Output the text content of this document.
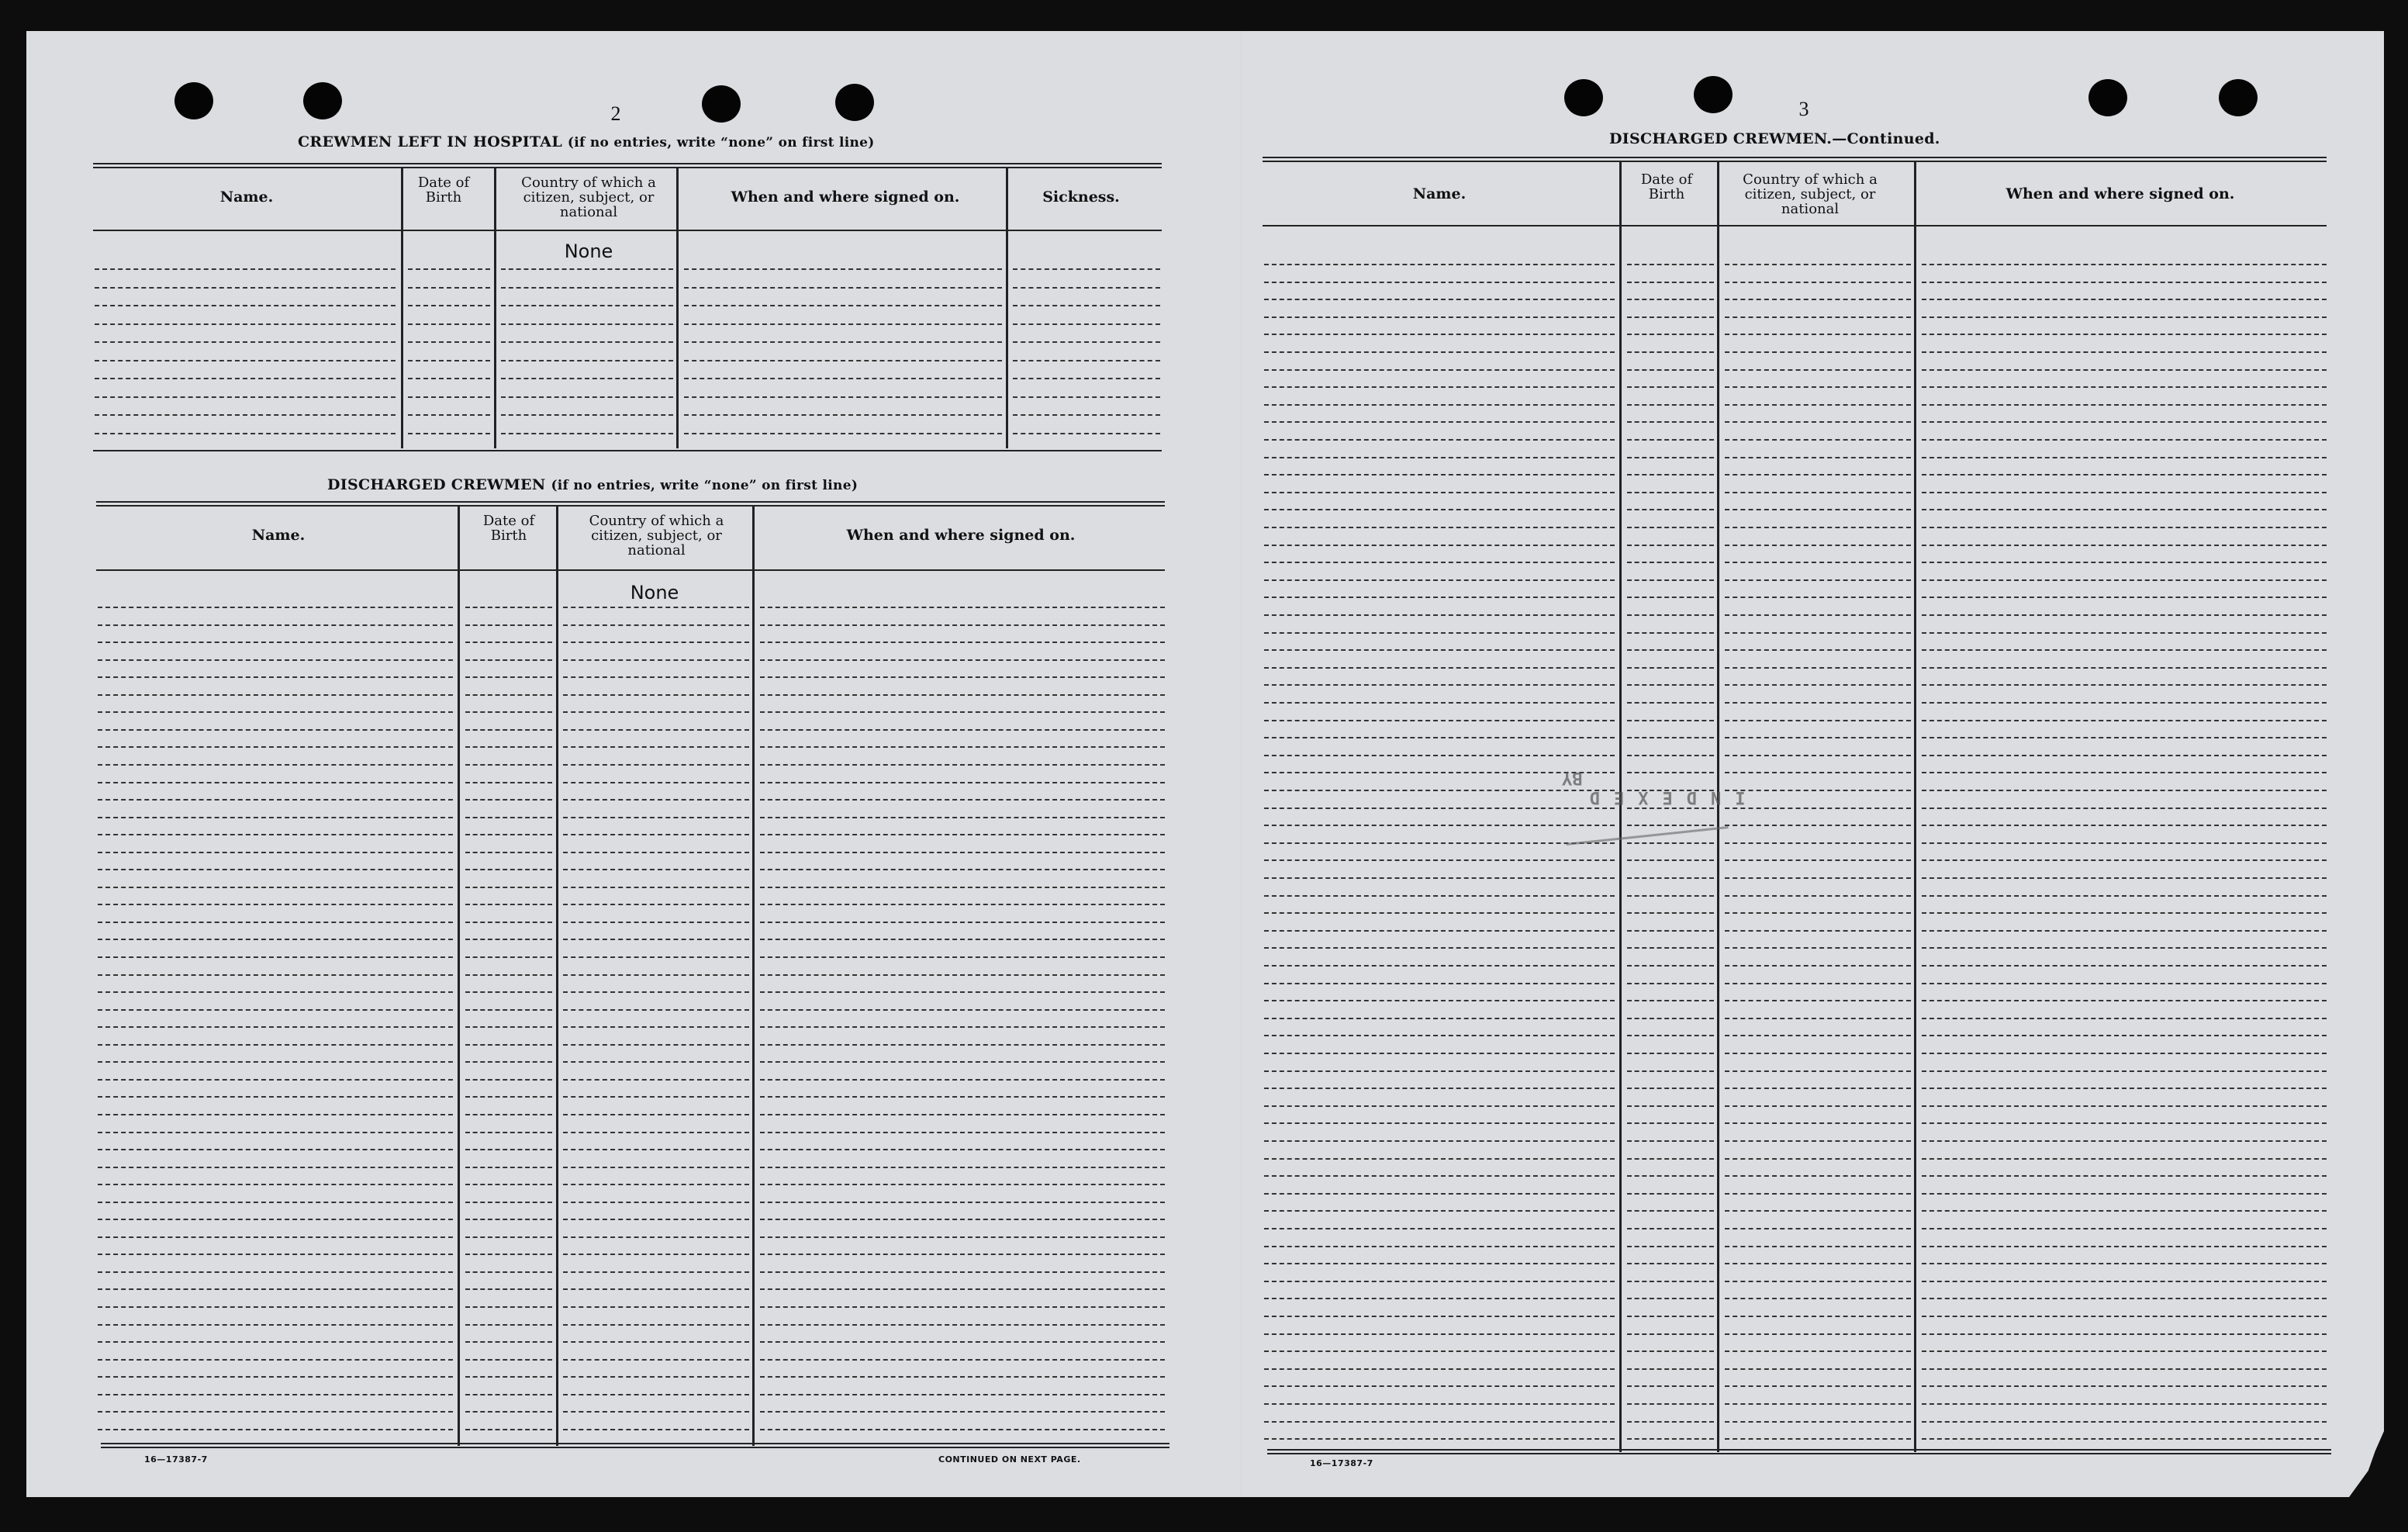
2
CREWMEN LEFT IN HOSPITAL (if no entries, write “none” on first line)
Name.
Date of Birth
Country of which a citizen, subject, or national
When and where signed on.	Sickness.
None
DISCHARGED CREWMEN (if no entries, write “none” on first line)
Name.
Date of Birth
Country of which a citizen, subject, or national
When and where signed on.
None
16—17387-7	CONTINUED ON NEXT PAGE.
3
DISCHARGED CREWMEN.—Continued.
Name.
Date of Birth
Country of which a citizen, subject, or national
When and where signed on.
16—17387-7
INDEXED
BY
